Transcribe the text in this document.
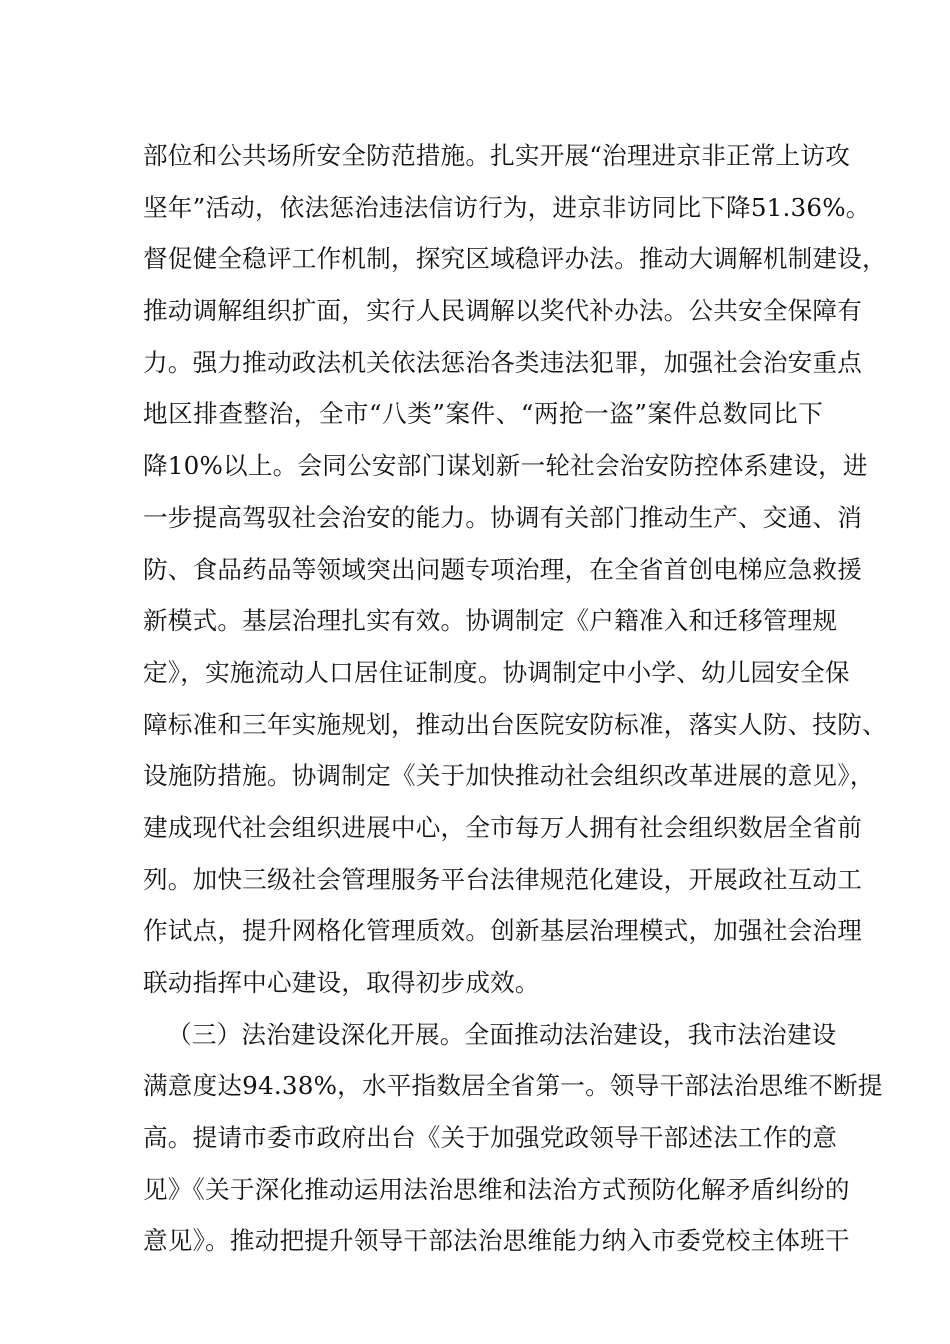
部位和公共场所安全防范措施。扎实开展“治理进京非正常上访攻
坚年”活动，依法惩治违法信访行为，进京非访同比下降51.36%。
督促健全稳评工作机制，探究区域稳评办法。推动大调解机制建设，
推动调解组织扩面，实行人民调解以奖代补办法。公共安全保障有
力。强力推动政法机关依法惩治各类违法犯罪，加强社会治安重点
地区排查整治，全市“八类”案件、“两抢一盗”案件总数同比下
降10%以上。会同公安部门谋划新一轮社会治安防控体系建设，进
一步提高驾驭社会治安的能力。协调有关部门推动生产、交通、消
防、食品药品等领域突出问题专项治理，在全省首创电梯应急救援
新模式。基层治理扎实有效。协调制定《户籍准入和迁移管理规
定》，实施流动人口居住证制度。协调制定中小学、幼儿园安全保
障标准和三年实施规划，推动出台医院安防标准，落实人防、技防、
设施防措施。协调制定《关于加快推动社会组织改革进展的意见》，
建成现代社会组织进展中心，全市每万人拥有社会组织数居全省前
列。加快三级社会管理服务平台法律规范化建设，开展政社互动工
作试点，提升网格化管理质效。创新基层治理模式，加强社会治理
联动指挥中心建设，取得初步成效。
（三）法治建设深化开展。全面推动法治建设，我市法治建设
满意度达94.38%，水平指数居全省第一。领导干部法治思维不断提
高。提请市委市政府出台《关于加强党政领导干部述法工作的意
见》《关于深化推动运用法治思维和法治方式预防化解矛盾纠纷的
意见》。推动把提升领导干部法治思维能力纳入市委党校主体班干
